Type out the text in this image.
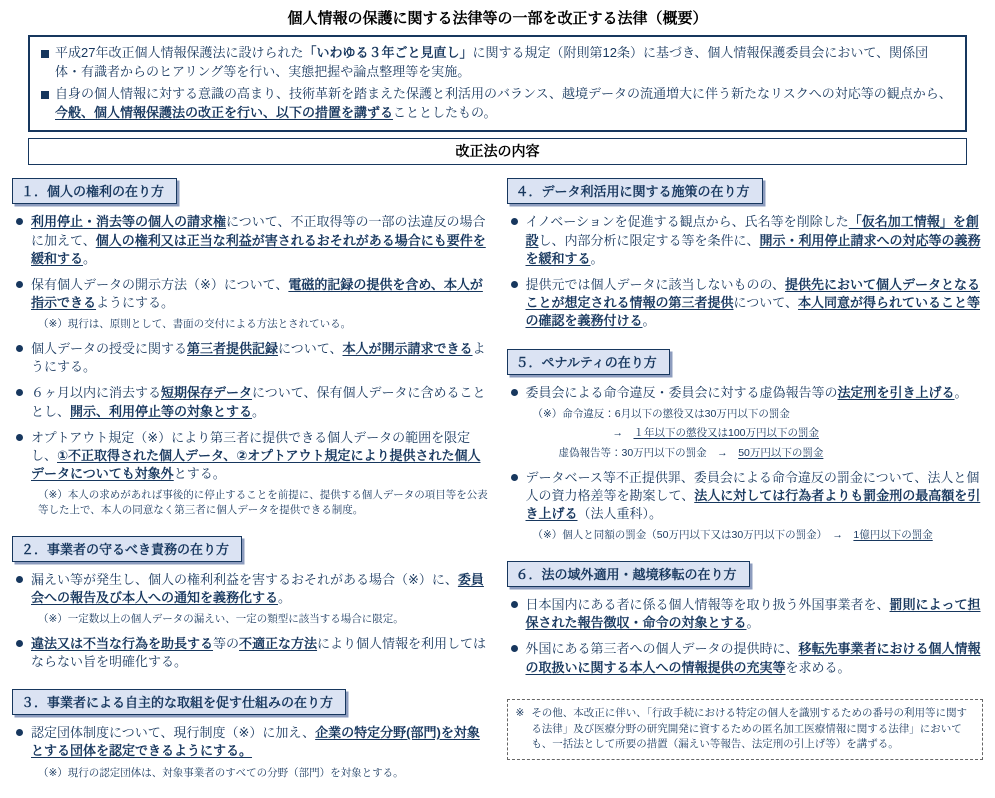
個人情報の保護に関する法律等の一部を改正する法律（概要）

平成27年改正個人情報保護法に設けられた「いわゆる３年ごと見直し」に関する規定（附則第12条）に基づき、個人情報保護委員会において、関係団体・有識者からのヒアリング等を行い、実態把握や論点整理等を実施。

自身の個人情報に対する意識の高まり、技術革新を踏まえた保護と利活用のバランス、越境データの流通増大に伴う新たなリスクへの対応等の観点から、今般、個人情報保護法の改正を行い、以下の措置を講ずることとしたもの。

改正法の内容
１．個人の権利の在り方

利用停止・消去等の個人の請求権について、不正取得等の一部の法違反の場合に加えて、個人の権利又は正当な利益が害されるおそれがある場合にも要件を緩和する。

保有個人データの開示方法（※）について、電磁的記録の提供を含め、本人が指示できるようにする。

（※）現行は、原則として、書面の交付による方法とされている。

個人データの授受に関する第三者提供記録について、本人が開示請求できるようにする。

６ヶ月以内に消去する短期保存データについて、保有個人データに含めることとし、開示、利用停止等の対象とする。

オプトアウト規定（※）により第三者に提供できる個人データの範囲を限定し、①不正取得された個人データ、②オプトアウト規定により提供された個人データについても対象外とする。

（※）本人の求めがあれば事後的に停止することを前提に、提供する個人データの項目等を公表等した上で、本人の同意なく第三者に個人データを提供できる制度。

２．事業者の守るべき責務の在り方

漏えい等が発生し、個人の権利利益を害するおそれがある場合（※）に、委員会への報告及び本人への通知を義務化する。

（※）一定数以上の個人データの漏えい、一定の類型に該当する場合に限定。

違法又は不当な行為を助長する等の不適正な方法により個人情報を利用してはならない旨を明確化する。

３．事業者による自主的な取組を促す仕組みの在り方

認定団体制度について、現行制度（※）に加え、企業の特定分野(部門)を対象とする団体を認定できるようにする。

（※）現行の認定団体は、対象事業者のすべての分野（部門）を対象とする。

４．データ利活用に関する施策の在り方

イノベーションを促進する観点から、氏名等を削除した「仮名加工情報」を創設し、内部分析に限定する等を条件に、開示・利用停止請求への対応等の義務を緩和する。

提供元では個人データに該当しないものの、提供先において個人データとなることが想定される情報の第三者提供について、本人同意が得られていること等の確認を義務付ける。

５．ペナルティの在り方

委員会による命令違反・委員会に対する虚偽報告等の法定刑を引き上げる。

（※）命令違反：6月以下の懲役又は30万円以下の罰金

→　１年以下の懲役又は100万円以下の罰金

虚偽報告等：30万円以下の罰金　→　50万円以下の罰金

データベース等不正提供罪、委員会による命令違反の罰金について、法人と個人の資力格差等を勘案して、法人に対しては行為者よりも罰金刑の最高額を引き上げる（法人重科）。

（※）個人と同額の罰金（50万円以下又は30万円以下の罰金）　→　1億円以下の罰金

６．法の域外適用・越境移転の在り方

日本国内にある者に係る個人情報等を取り扱う外国事業者を、罰則によって担保された報告徴収・命令の対象とする。

外国にある第三者への個人データの提供時に、移転先事業者における個人情報の取扱いに関する本人への情報提供の充実等を求める。

※ その他、本改正に伴い、「行政手続における特定の個人を識別するための番号の利用等に関する法律」及び医療分野の研究開発に資するための匿名加工医療情報に関する法律」においても、一括法として所要の措置（漏えい等報告、法定刑の引上げ等）を講ずる。
